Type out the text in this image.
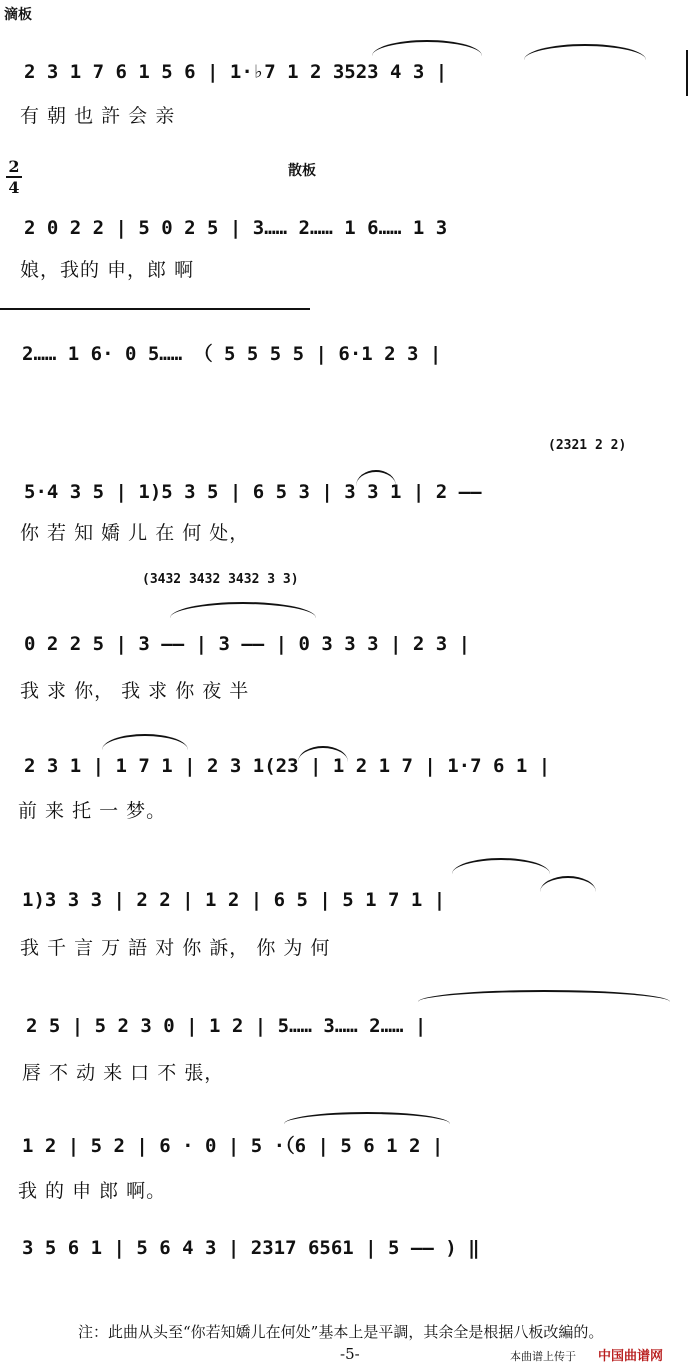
滴板
2
4
散板
2 3 1 7 6 1 5 6 | 1·♭7 1 2 3523 4 3 |
有 朝 也 許 会 亲
2 0 2 2 | 5 0 2 5 | 3…… 2…… 1 6…… 1 3
娘，我的 申，郎 啊
2…… 1 6· 0 5…… （ 5 5 5 5 | 6·1 2 3 |
(2321 2 2)
5·4 3 5 | 1)5 3 5 | 6 5 3 | 3 3 1 | 2 ——
你 若 知 嬌 儿 在 何 处，
(3432 3432 3432 3 3)
0 2 2 5 | 3 —— | 3 —— | 0 3 3 3 | 2 3 |
我 求 你， 我 求 你 夜 半
2 3 1 | 1 7 1 | 2 3 1(23 | 1 2 1 7 | 1·7 6 1 |
前 来 托 一 梦。
1)3 3 3 | 2 2 | 1 2 | 6 5 | 5 1 7 1 |
我 千 言 万 語 对 你 訴， 你 为 何
2 5 | 5 2 3 0 | 1 2 | 5…… 3…… 2…… |
唇 不 动 来 口 不 張，
1 2 | 5 2 | 6 · 0 | 5 ·（6 | 5 6 1 2 |
我 的 申 郎 啊。
3 5 6 1 | 5 6 4 3 | 2317 6561 | 5 —— ) ‖
注：此曲从头至“你若知嬌儿在何处”基本上是平調，其余全是根据八板改編的。
-5-	本曲谱上传于 中国曲谱网
